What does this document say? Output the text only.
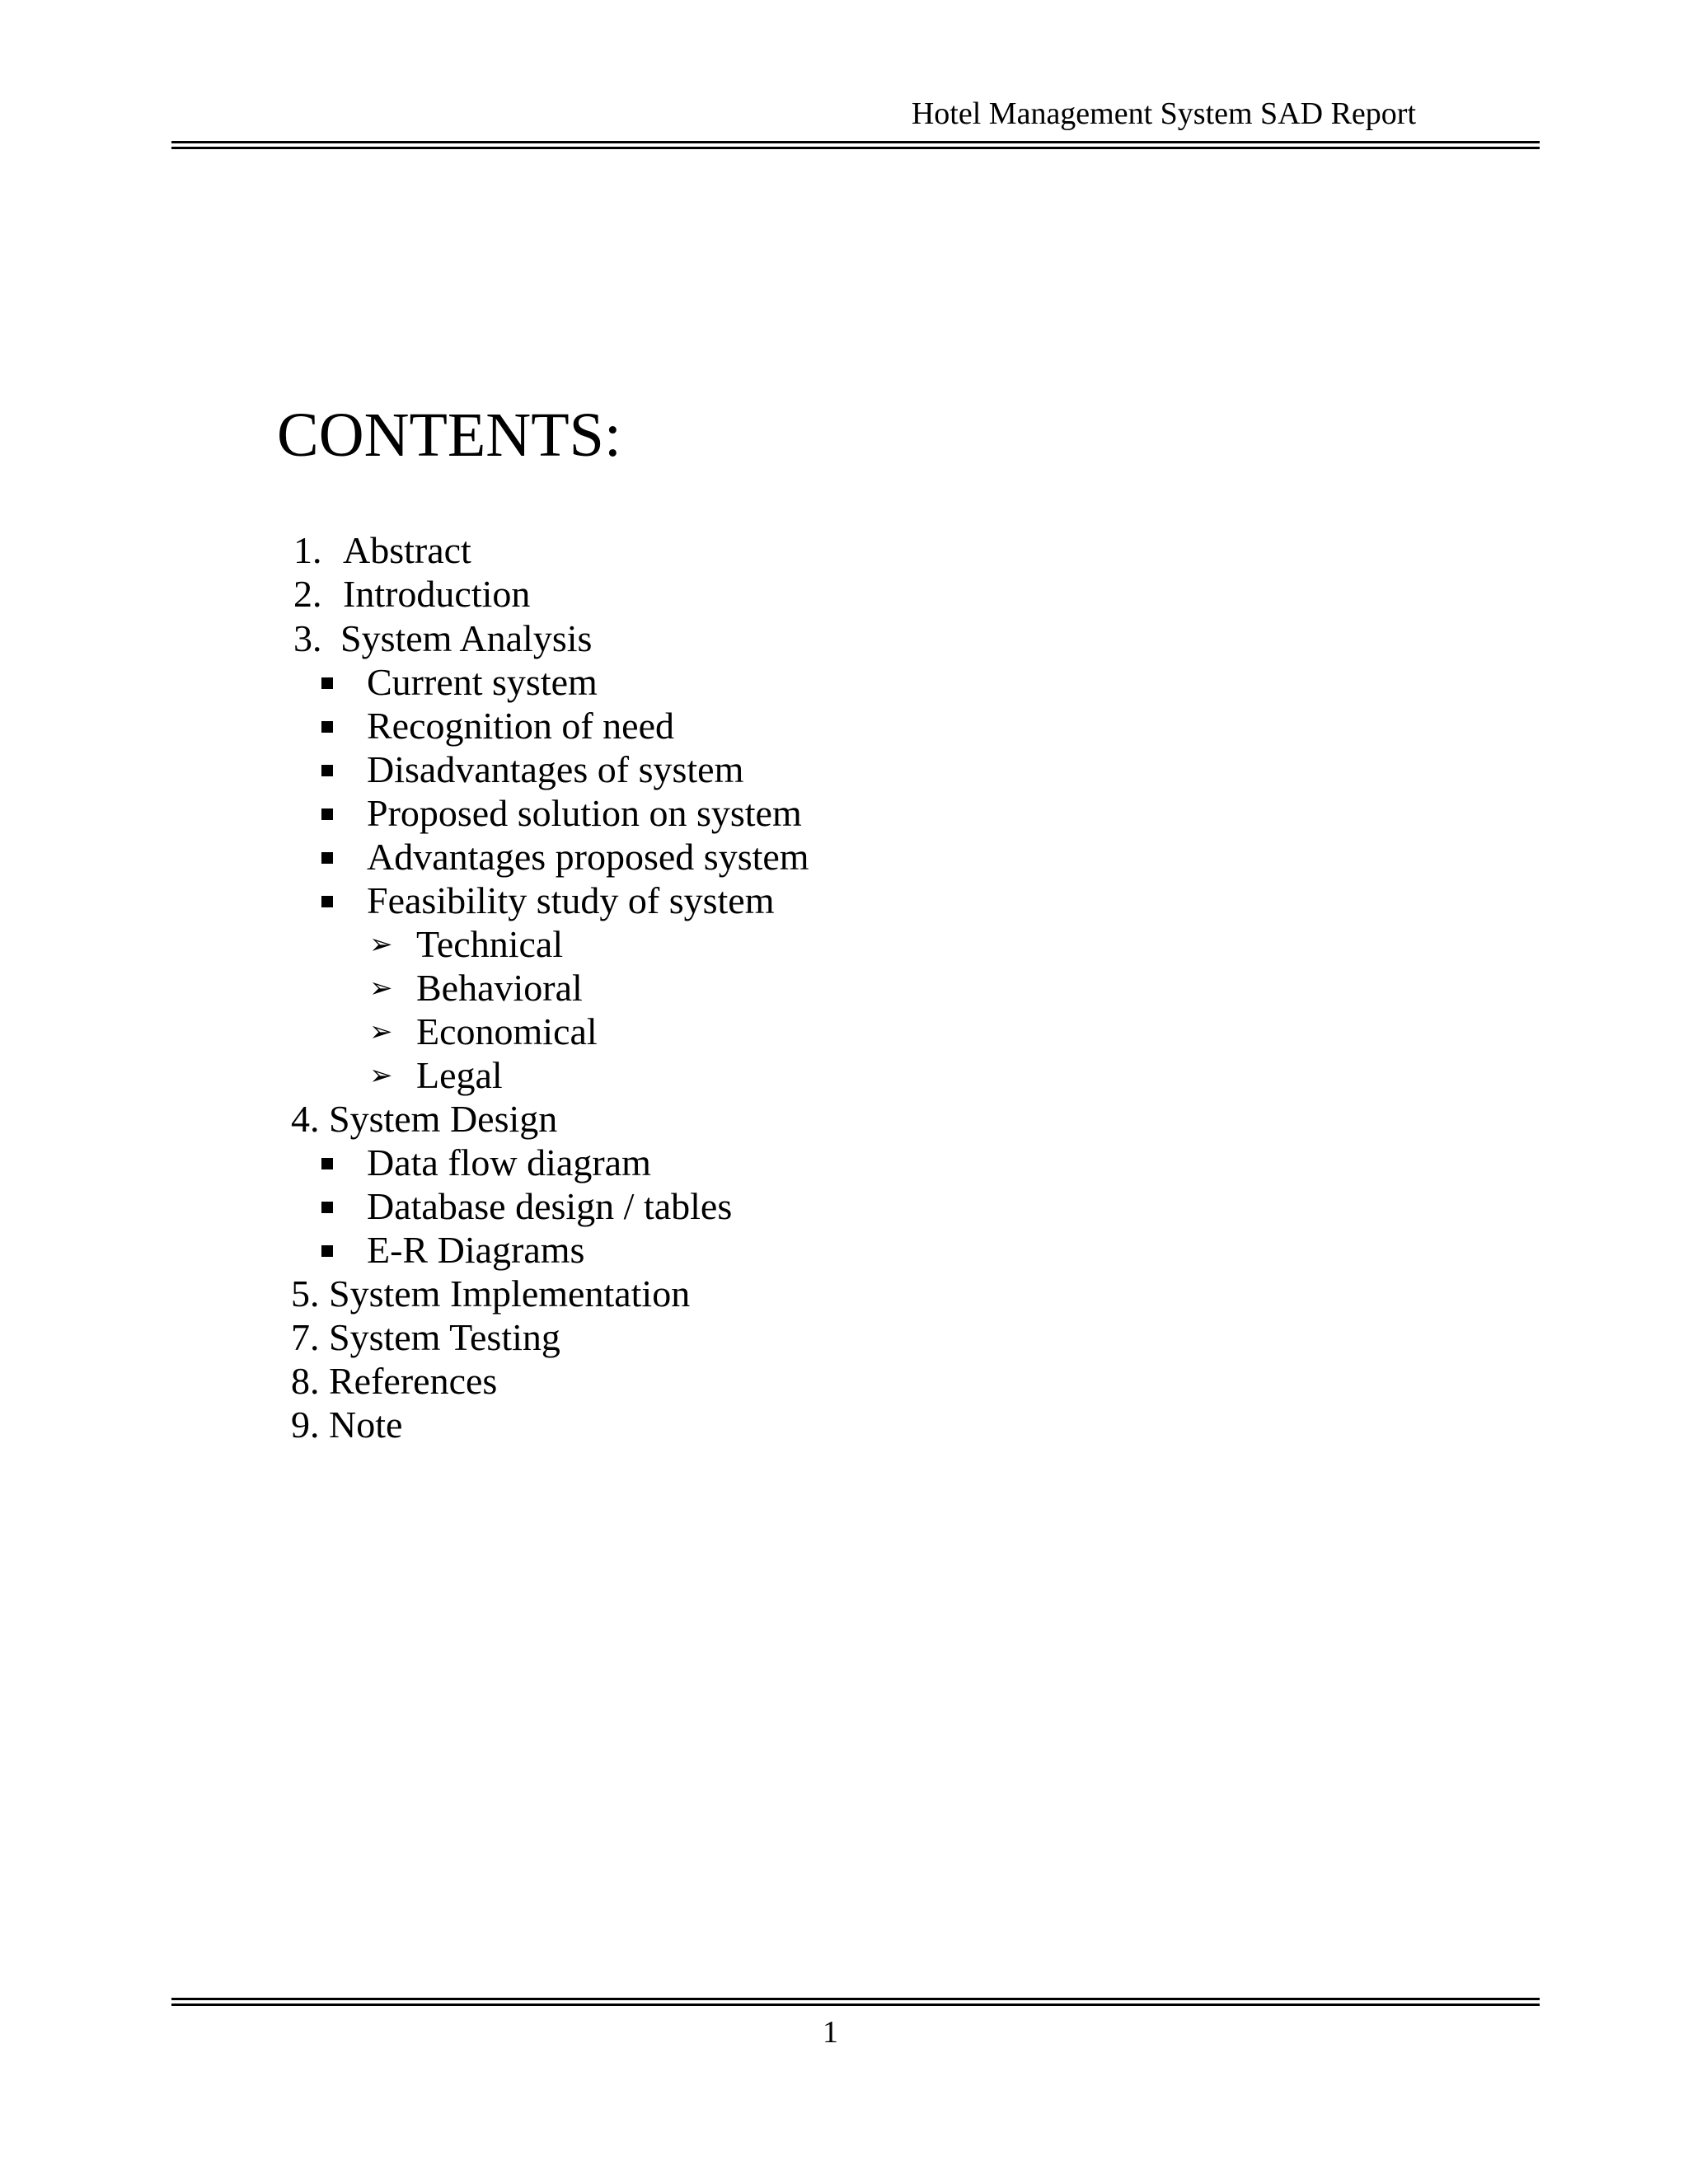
Hotel Management System SAD Report
CONTENTS:
1. Abstract
2. Introduction
3. System Analysis
Current system
Recognition of need
Disadvantages of system
Proposed solution on system
Advantages proposed system
Feasibility study of system
➢ Technical
➢ Behavioral
➢ Economical
➢ Legal
4. System Design
Data flow diagram
Database design / tables
E-R Diagrams
5. System Implementation
7. System Testing
8. References
9. Note
1
